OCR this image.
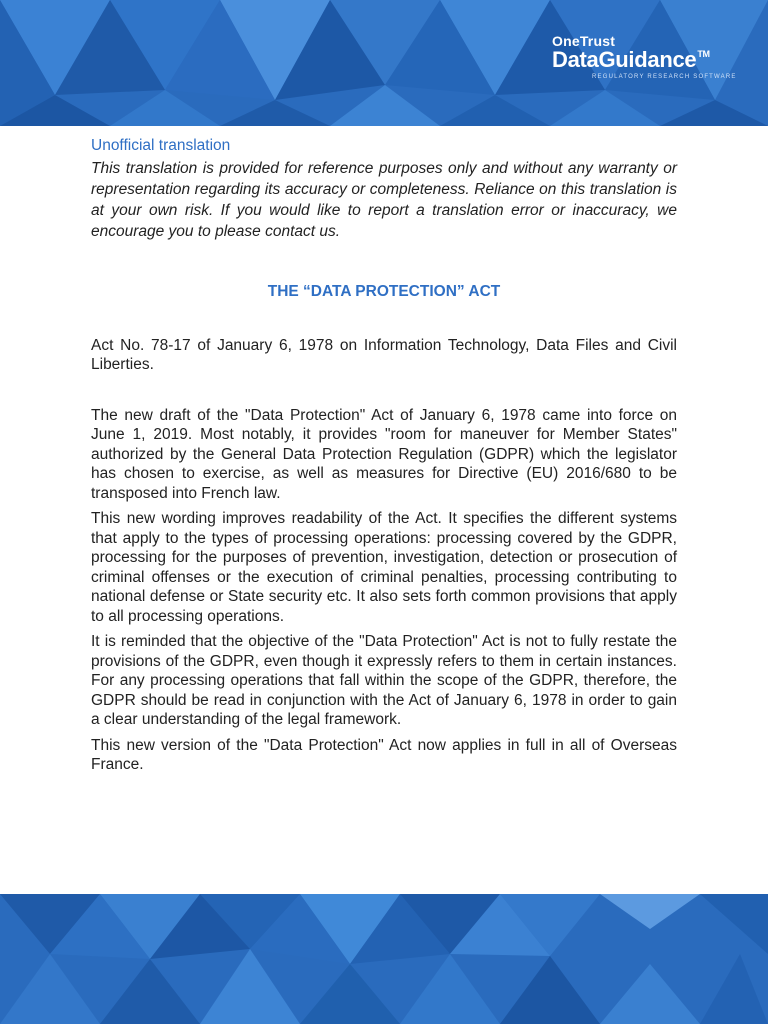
OneTrust
DataGuidance™
REGULATORY RESEARCH SOFTWARE

Unofficial translation

This translation is provided for reference purposes only and without any warranty or representation regarding its accuracy or completeness. Reliance on this translation is at your own risk. If you would like to report a translation error or inaccuracy, we encourage you to please contact us.

THE “DATA PROTECTION” ACT

Act No. 78-17 of January 6, 1978 on Information Technology, Data Files and Civil Liberties.

The new draft of the "Data Protection" Act of January 6, 1978 came into force on June 1, 2019. Most notably, it provides "room for maneuver for Member States" authorized by the General Data Protection Regulation (GDPR) which the legislator has chosen to exercise, as well as measures for Directive (EU) 2016/680 to be transposed into French law.

This new wording improves readability of the Act. It specifies the different systems that apply to the types of processing operations: processing covered by the GDPR, processing for the purposes of prevention, investigation, detection or prosecution of criminal offenses or the execution of criminal penalties, processing contributing to national defense or State security etc. It also sets forth common provisions that apply to all processing operations.

It is reminded that the objective of the "Data Protection" Act is not to fully restate the provisions of the GDPR, even though it expressly refers to them in certain instances. For any processing operations that fall within the scope of the GDPR, therefore, the GDPR should be read in conjunction with the Act of January 6, 1978 in order to gain a clear understanding of the legal framework.

This new version of the "Data Protection" Act now applies in full in all of Overseas France.
